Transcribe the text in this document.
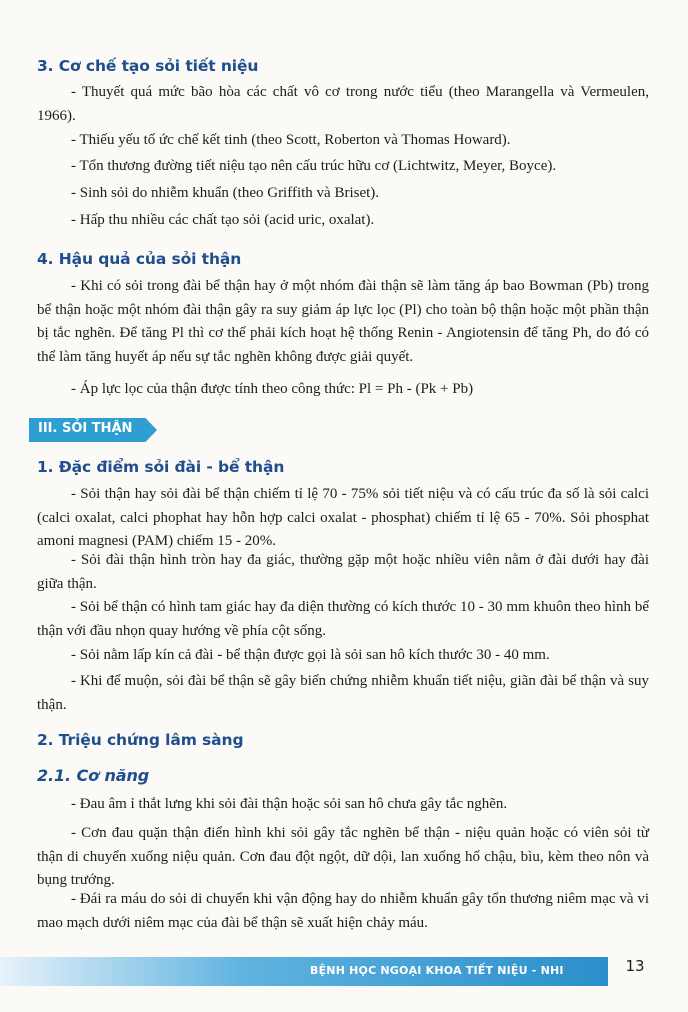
3. Cơ chế tạo sỏi tiết niệu
- Thuyết quá mức bão hòa các chất vô cơ trong nước tiểu (theo Marangella và Vermeulen, 1966).
- Thiếu yếu tố ức chế kết tinh (theo Scott, Roberton và Thomas Howard).
- Tổn thương đường tiết niệu tạo nên cấu trúc hữu cơ (Lichtwitz, Meyer, Boyce).
- Sinh sỏi do nhiễm khuẩn (theo Griffith và Briset).
- Hấp thu nhiều các chất tạo sỏi (acid uric, oxalat).
4. Hậu quả của sỏi thận
- Khi có sỏi trong đài bể thận hay ở một nhóm đài thận sẽ làm tăng áp bao Bowman (Pb) trong bể thận hoặc một nhóm đài thận gây ra suy giảm áp lực lọc (Pl) cho toàn bộ thận hoặc một phần thận bị tắc nghẽn. Để tăng Pl thì cơ thể phải kích hoạt hệ thống Renin - Angiotensin để tăng Ph, do đó có thể làm tăng huyết áp nếu sự tắc nghẽn không được giải quyết.
- Áp lực lọc của thận được tính theo công thức: Pl = Ph - (Pk + Pb)
III. SỎI THẬN
1. Đặc điểm sỏi đài - bể thận
- Sỏi thận hay sỏi đài bể thận chiếm tỉ lệ 70 - 75% sỏi tiết niệu và có cấu trúc đa số là sỏi calci (calci oxalat, calci phophat hay hỗn hợp calci oxalat - phosphat) chiếm tỉ lệ 65 - 70%. Sỏi phosphat amoni magnesi (PAM) chiếm 15 - 20%.
- Sỏi đài thận hình tròn hay đa giác, thường gặp một hoặc nhiều viên nằm ở đài dưới hay đài giữa thận.
- Sỏi bể thận có hình tam giác hay đa diện thường có kích thước 10 - 30 mm khuôn theo hình bể thận với đầu nhọn quay hướng về phía cột sống.
- Sỏi nằm lấp kín cả đài - bể thận được gọi là sỏi san hô kích thước 30 - 40 mm.
- Khi để muộn, sỏi đài bể thận sẽ gây biến chứng nhiễm khuẩn tiết niệu, giãn đài bể thận và suy thận.
2. Triệu chứng lâm sàng
2.1. Cơ năng
- Đau âm ỉ thắt lưng khi sỏi đài thận hoặc sỏi san hô chưa gây tắc nghẽn.
- Cơn đau quặn thận điển hình khi sỏi gây tắc nghẽn bể thận - niệu quản hoặc có viên sỏi từ thận di chuyển xuống niệu quản. Cơn đau đột ngột, dữ dội, lan xuống hố chậu, bìu, kèm theo nôn và bụng trướng.
- Đái ra máu do sỏi di chuyển khi vận động hay do nhiễm khuẩn gây tổn thương niêm mạc và vi mao mạch dưới niêm mạc của đài bể thận sẽ xuất hiện chảy máu.
BỆNH HỌC NGOẠI KHOA TIẾT NIỆU - NHI	13
